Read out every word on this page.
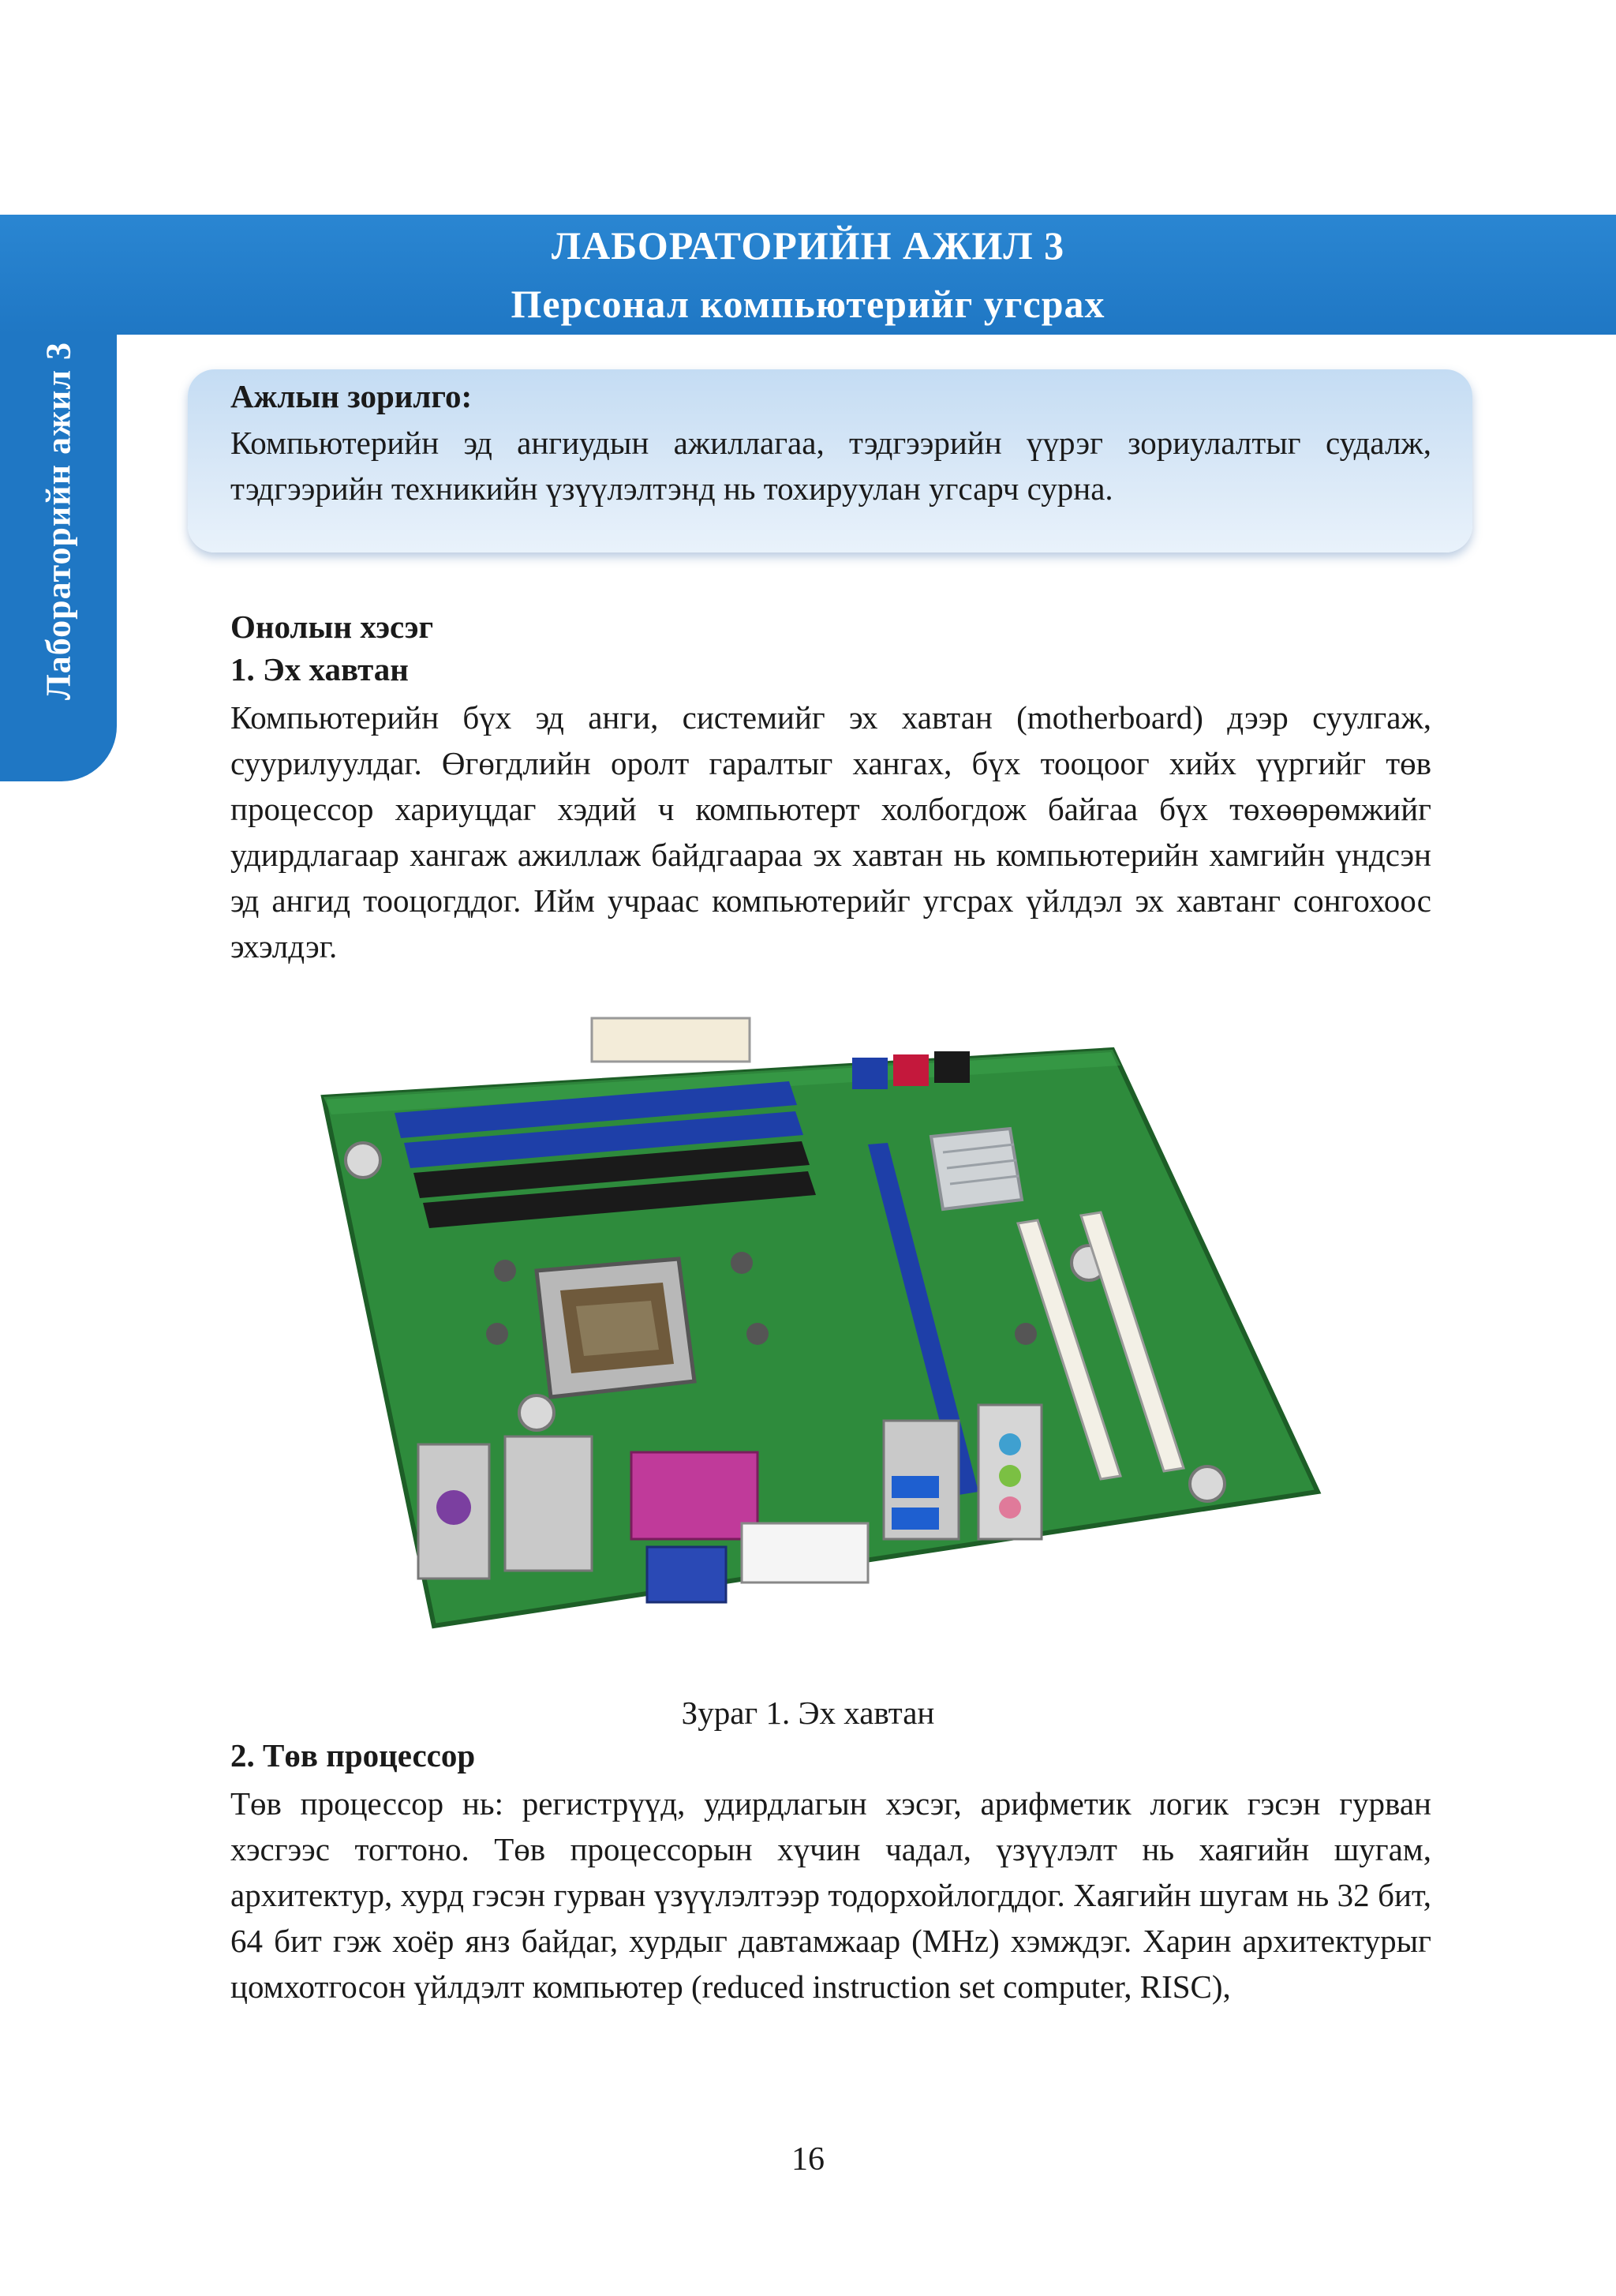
ЛАБОРАТОРИЙН АЖИЛ 3
Персонал компьютерийг угсрах
Лабораторийн ажил 3	Ажлын зорилго:
Компьютерийн эд ангиудын ажиллагаа, тэдгээрийн үүрэг зориулалтыг судалж, тэдгээрийн техникийн үзүүлэлтэнд нь тохируулан угсарч сурна.
Онолын хэсэг
1. Эх хавтан
Компьютерийн бүх эд анги, системийг эх хавтан (motherboard) дээр суулгаж, суурилуулдаг. Өгөгдлийн оролт гаралтыг хангах, бүх тооцоог хийх үүргийг төв процессор хариуцдаг хэдий ч компьютерт холбогдож байгаа бүх төхөөрөмжийг удирдлагаар хангаж ажиллаж байдгаараа эх хавтан нь компьютерийн хамгийн үндсэн эд ангид тооцогддог. Ийм учраас компьютерийг угсрах үйлдэл эх хавтанг сонгохоос эхэлдэг.
Зураг 1. Эх хавтан
2. Төв процессор
Төв процессор нь: регистрүүд, удирдлагын хэсэг, арифметик логик гэсэн гурван хэсгээс тогтоно. Төв процессорын хүчин чадал, үзүүлэлт нь хаягийн шугам, архитектур, хурд гэсэн гурван үзүүлэлтээр тодорхойлогддог. Хаягийн шугам нь 32 бит, 64 бит гэж хоёр янз байдаг, хурдыг давтамжаар (MHz) хэмждэг. Харин архитектурыг цомхотгосон үйлдэлт компьютер (reduced instruction set computer, RISC),
16
